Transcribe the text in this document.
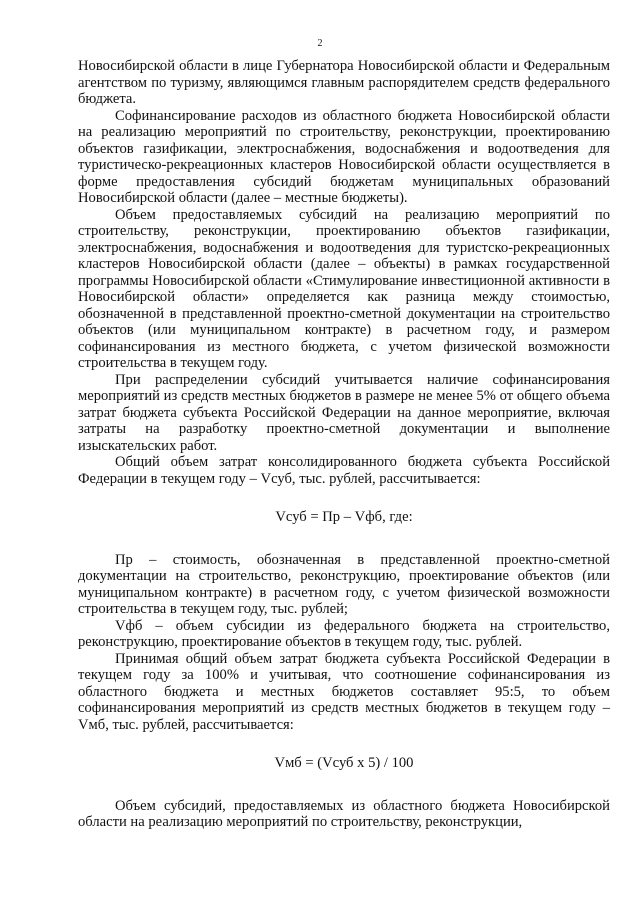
2

Новосибирской области в лице Губернатора Новосибирской области и Федеральным агентством по туризму, являющимся главным распорядителем средств федерального бюджета.

Софинансирование расходов из областного бюджета Новосибирской области на реализацию мероприятий по строительству, реконструкции, проектированию объектов газификации, электроснабжения, водоснабжения и водоотведения для туристическо-рекреационных кластеров Новосибирской области осуществляется в форме предоставления субсидий бюджетам муниципальных образований Новосибирской области (далее – местные бюджеты).

Объем предоставляемых субсидий на реализацию мероприятий по строительству, реконструкции, проектированию объектов газификации, электроснабжения, водоснабжения и водоотведения для туристско-рекреационных кластеров Новосибирской области (далее – объекты) в рамках государственной программы Новосибирской области «Стимулирование инвестиционной активности в Новосибирской области» определяется как разница между стоимостью, обозначенной в представленной проектно-сметной документации на строительство объектов (или муниципальном контракте) в расчетном году, и размером софинансирования из местного бюджета, с учетом физической возможности строительства в текущем году.

При распределении субсидий учитывается наличие софинансирования мероприятий из средств местных бюджетов в размере не менее 5% от общего объема затрат бюджета субъекта Российской Федерации на данное мероприятие, включая затраты на разработку проектно-сметной документации и выполнение изыскательских работ.

Общий объем затрат консолидированного бюджета субъекта Российской Федерации в текущем году – Vсуб, тыс. рублей, рассчитывается:

Vсуб = Пр – Vфб, где:

Пр – стоимость, обозначенная в представленной проектно-сметной документации на строительство, реконструкцию, проектирование объектов (или муниципальном контракте) в расчетном году, с учетом физической возможности строительства в текущем году, тыс. рублей;

Vфб – объем субсидии из федерального бюджета на строительство, реконструкцию, проектирование объектов в текущем году, тыс. рублей.

Принимая общий объем затрат бюджета субъекта Российской Федерации в текущем году за 100% и учитывая, что соотношение софинансирования из областного бюджета и местных бюджетов составляет 95:5, то объем софинансирования мероприятий из средств местных бюджетов в текущем году – Vмб, тыс. рублей, рассчитывается:

Vмб = (Vсуб х 5) / 100

Объем субсидий, предоставляемых из областного бюджета Новосибирской области на реализацию мероприятий по строительству, реконструкции,
